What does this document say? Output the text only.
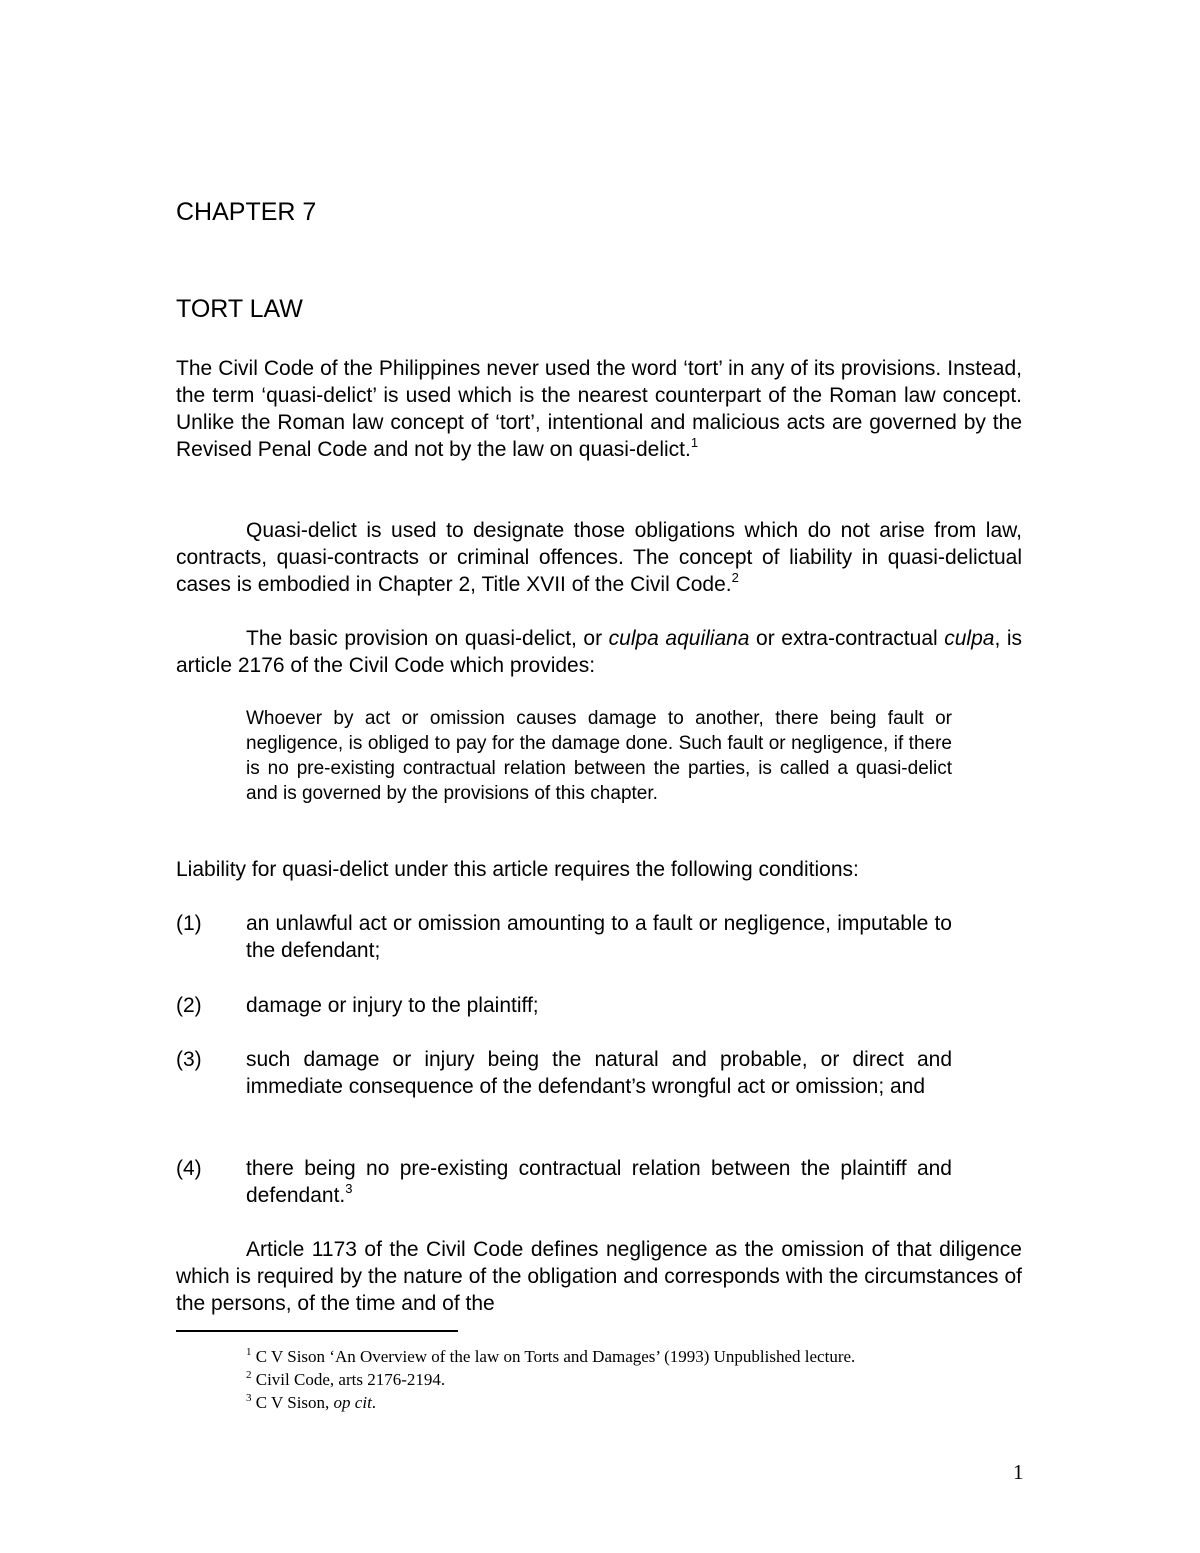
CHAPTER 7
TORT LAW
The Civil Code of the Philippines never used the word ‘tort’ in any of its provisions. Instead, the term ‘quasi-delict’ is used which is the nearest counterpart of the Roman law concept. Unlike the Roman law concept of ‘tort’, intentional and malicious acts are governed by the Revised Penal Code and not by the law on quasi-delict.$^1$
Quasi-delict is used to designate those obligations which do not arise from law, contracts, quasi-contracts or criminal offences. The concept of liability in quasi-delictual cases is embodied in Chapter 2, Title XVII of the Civil Code.$^2$
The basic provision on quasi-delict, or culpa aquiliana or extra-contractual culpa, is article 2176 of the Civil Code which provides:
Whoever by act or omission causes damage to another, there being fault or negligence, is obliged to pay for the damage done. Such fault or negligence, if there is no pre-existing contractual relation between the parties, is called a quasi-delict and is governed by the provisions of this chapter.
Liability for quasi-delict under this article requires the following conditions:
(1) an unlawful act or omission amounting to a fault or negligence, imputable to the defendant;
(2) damage or injury to the plaintiff;
(3) such damage or injury being the natural and probable, or direct and immediate consequence of the defendant’s wrongful act or omission; and
(4) there being no pre-existing contractual relation between the plaintiff and defendant.$^3$
Article 1173 of the Civil Code defines negligence as the omission of that diligence which is required by the nature of the obligation and corresponds with the circumstances of the persons, of the time and of the
$^1$ C V Sison ‘An Overview of the law on Torts and Damages’ (1993) Unpublished lecture.
$^2$ Civil Code, arts 2176-2194.
$^3$ C V Sison, op cit.
1
